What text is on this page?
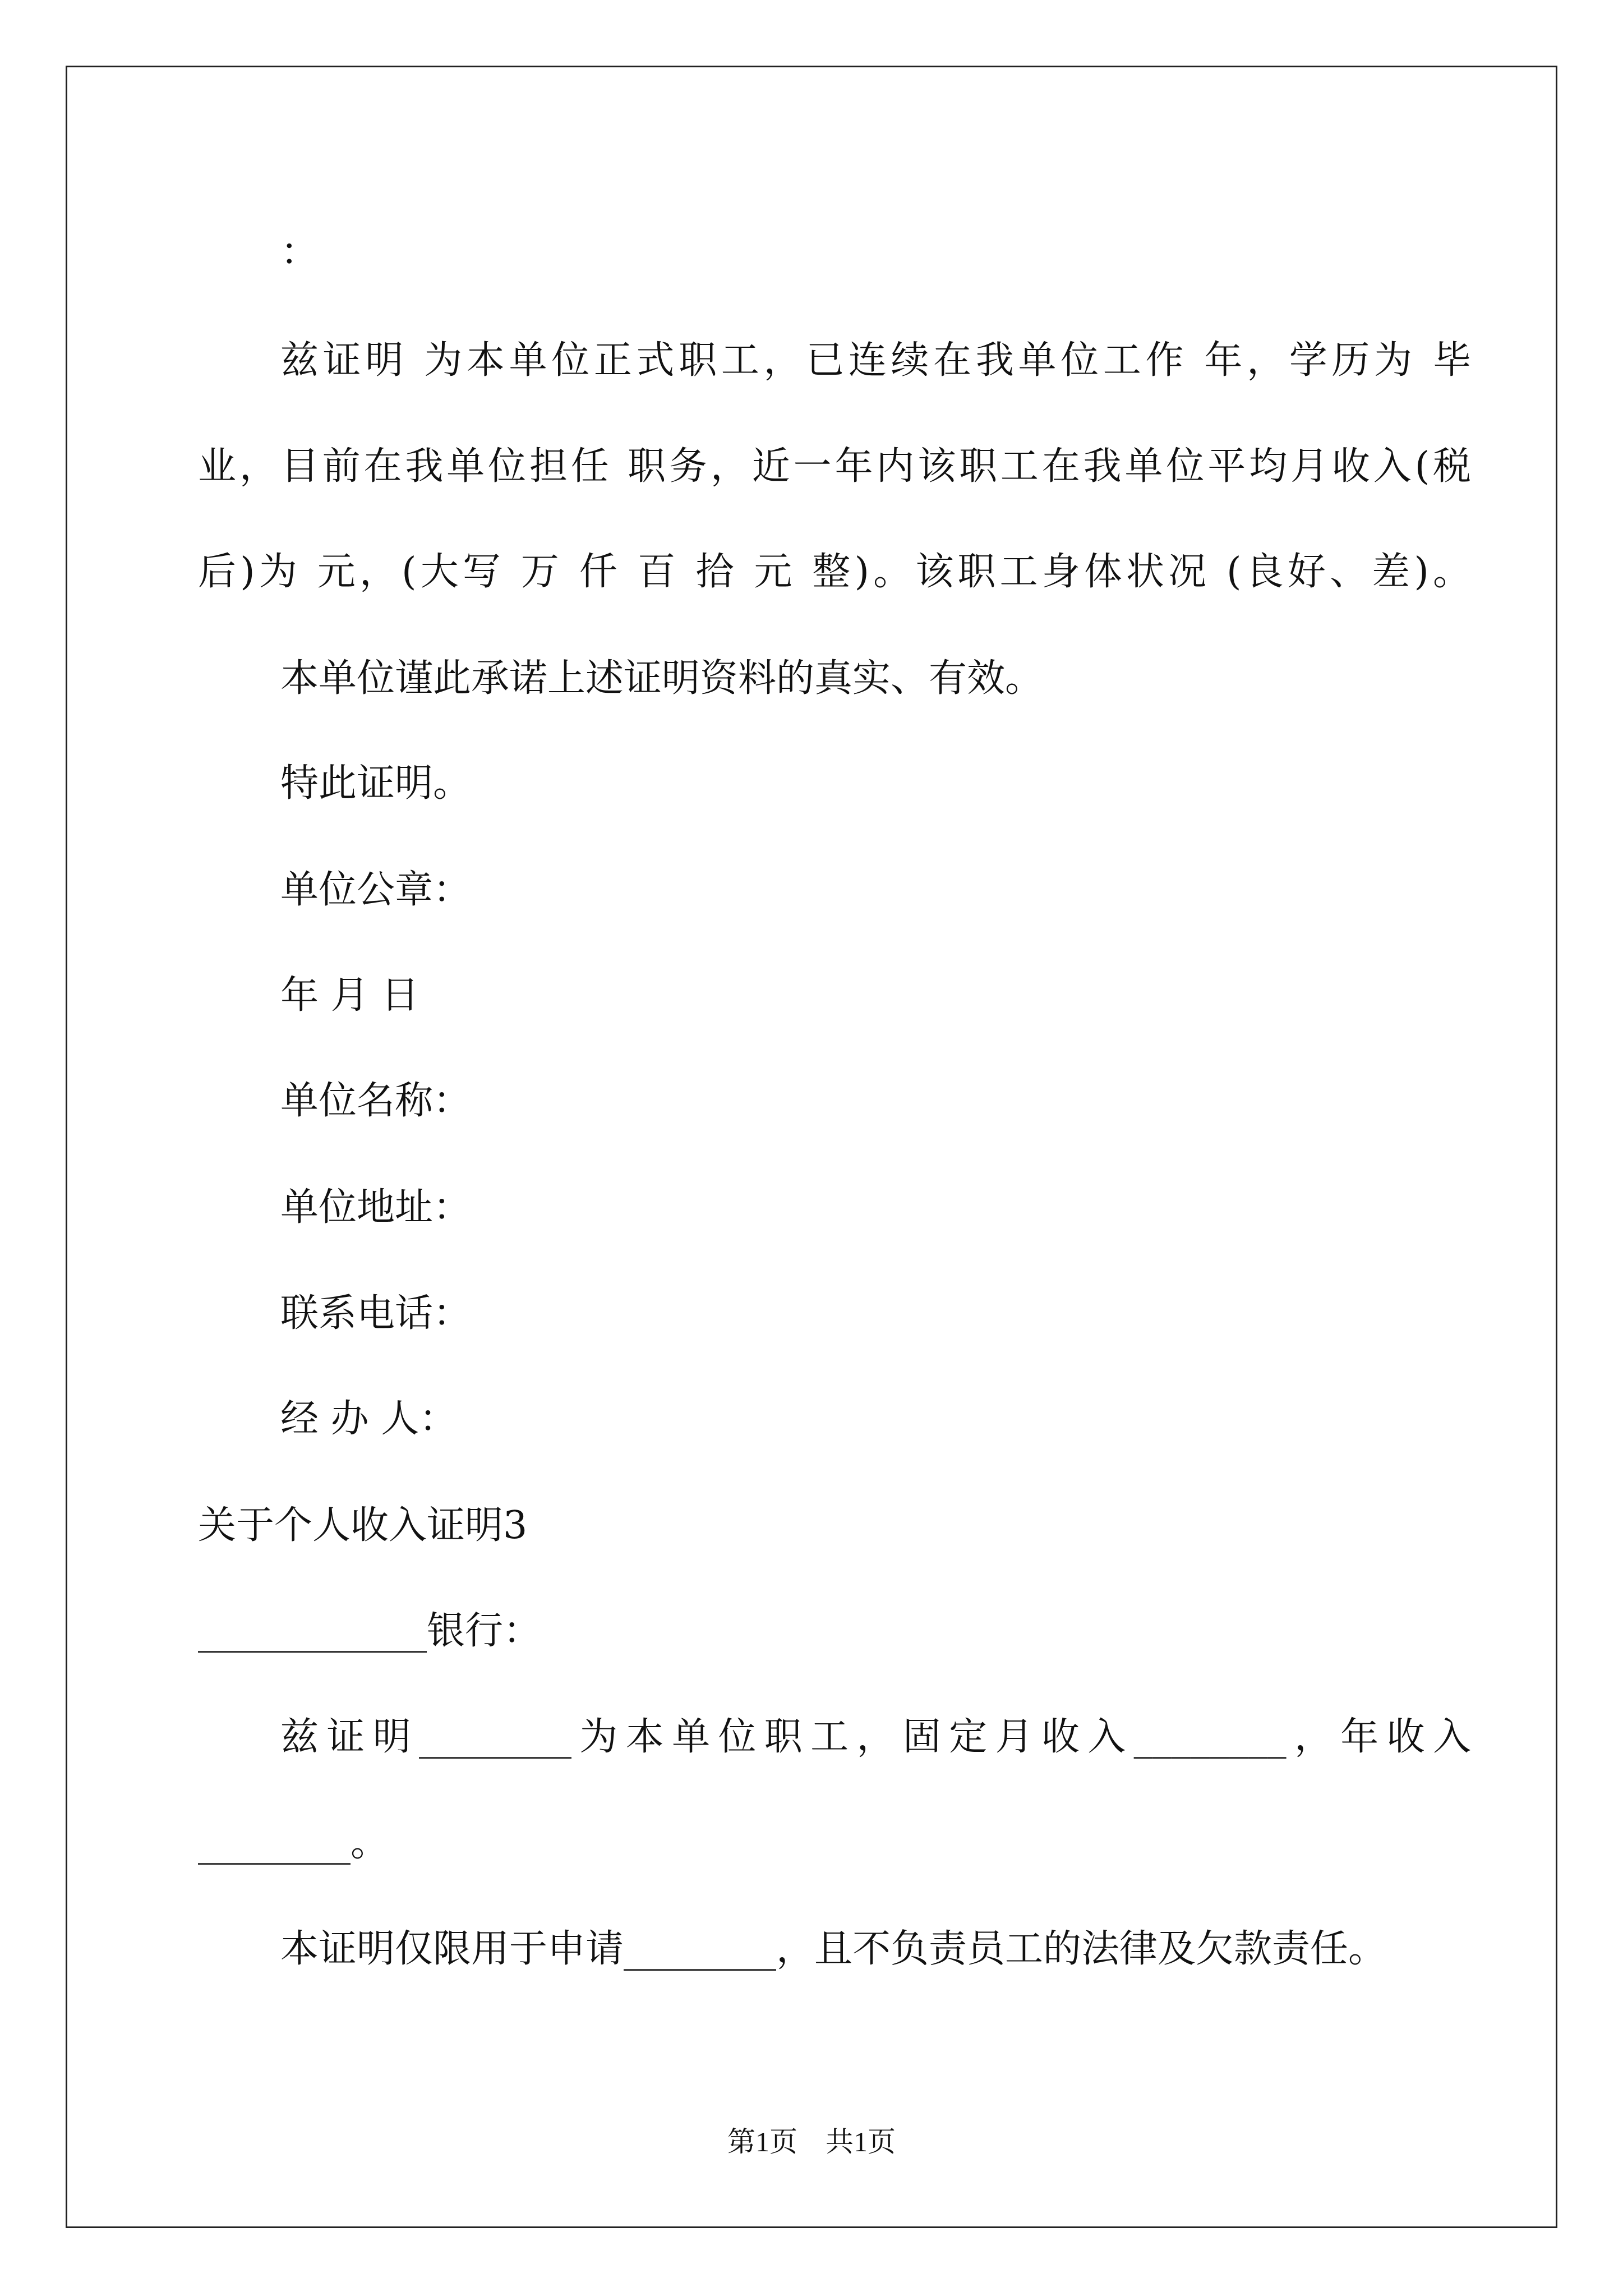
：

兹证明 为本单位正式职工，已连续在我单位工作 年，学历为 毕

业，目前在我单位担任 职务，近一年内该职工在我单位平均月收入(税

后)为 元，(大写 万 仟 百 拾 元 整)。该职工身体状况 (良好、差)。

本单位谨此承诺上述证明资料的真实、有效。

特此证明。

单位公章：

年 月 日

单位名称：

单位地址：

联系电话：

经 办 人：

关于个人收入证明3

____________银行：

兹证明________为本单位职工，固定月收入________，年收入

________。

本证明仅限用于申请________，且不负责员工的法律及欠款责任。

第1页　共1页
